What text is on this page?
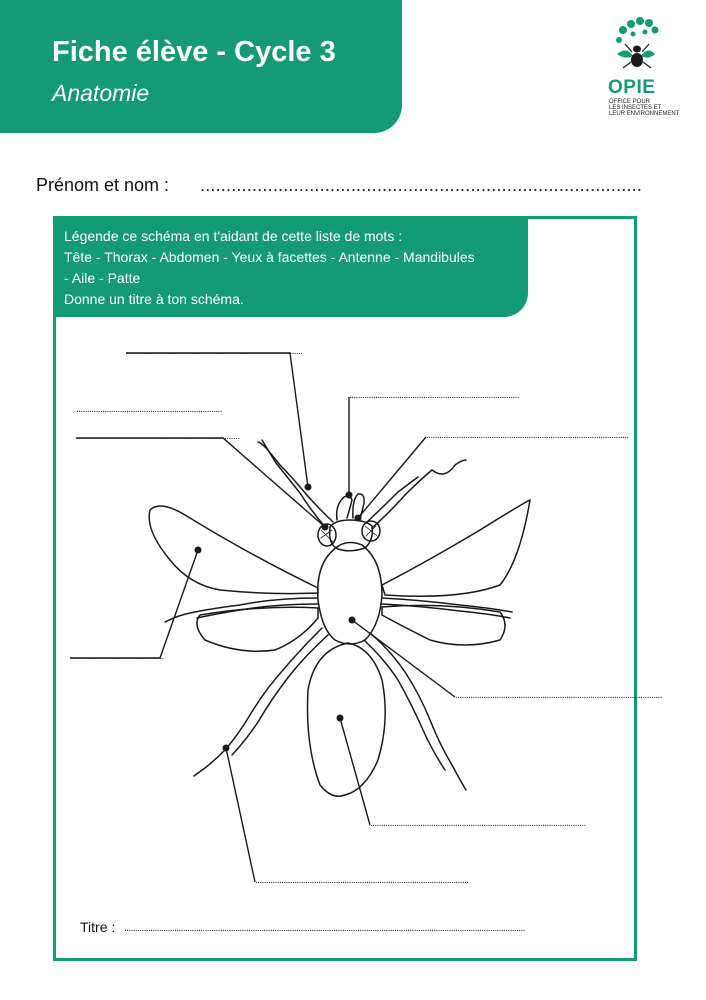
Fiche élève - Cycle 3
Anatomie	OPIE
OFFICE POUR
LES INSECTES ET
LEUR ENVIRONNEMENT
Prénom et nom : .....................................................................................
Légende ce schéma en t'aidant de cette liste de mots :
Tête - Thorax - Abdomen - Yeux à facettes - Antenne - Mandibules
- Aile - Patte
Donne un titre à ton schéma.
.................................................................................
..............................................................................
...................................................................
...........................................................................	.............................................................................................
...........................................
...............................................................................................
...................................................................................................
..................................................................................................
Titre : ........................................................................................................................................................................................
